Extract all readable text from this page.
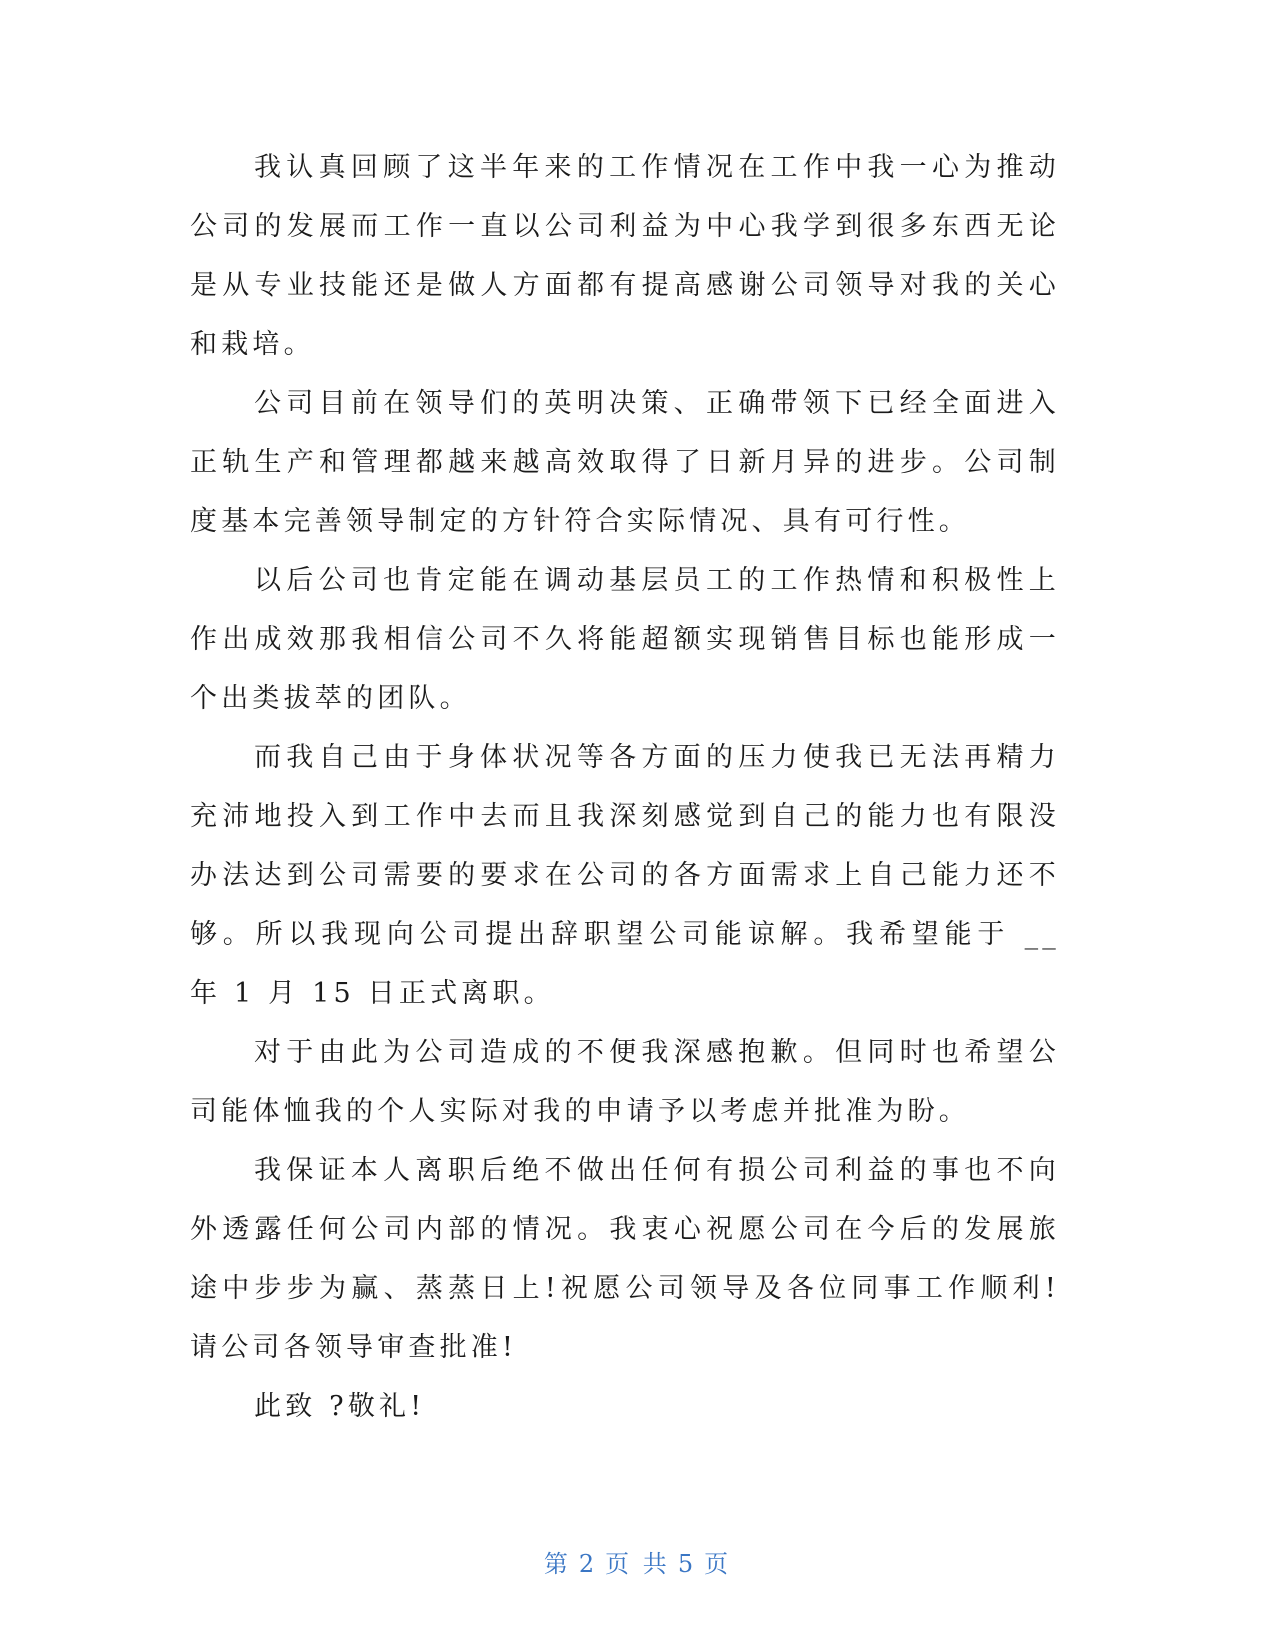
我认真回顾了这半年来的工作情况在工作中我一心为推动公司的发展而工作一直以公司利益为中心我学到很多东西无论是从专业技能还是做人方面都有提高感谢公司领导对我的关心和栽培。

公司目前在领导们的英明决策、正确带领下已经全面进入正轨生产和管理都越来越高效取得了日新月异的进步。公司制度基本完善领导制定的方针符合实际情况、具有可行性。

以后公司也肯定能在调动基层员工的工作热情和积极性上作出成效那我相信公司不久将能超额实现销售目标也能形成一个出类拔萃的团队。

而我自己由于身体状况等各方面的压力使我已无法再精力充沛地投入到工作中去而且我深刻感觉到自己的能力也有限没办法达到公司需要的要求在公司的各方面需求上自己能力还不够。所以我现向公司提出辞职望公司能谅解。我希望能于 __ 年 1 月 15 日正式离职。

对于由此为公司造成的不便我深感抱歉。但同时也希望公司能体恤我的个人实际对我的申请予以考虑并批准为盼。

我保证本人离职后绝不做出任何有损公司利益的事也不向外透露任何公司内部的情况。我衷心祝愿公司在今后的发展旅途中步步为赢、蒸蒸日上!祝愿公司领导及各位同事工作顺利!请公司各领导审查批准!

此致 ?敬礼!

第 2 页 共 5 页
